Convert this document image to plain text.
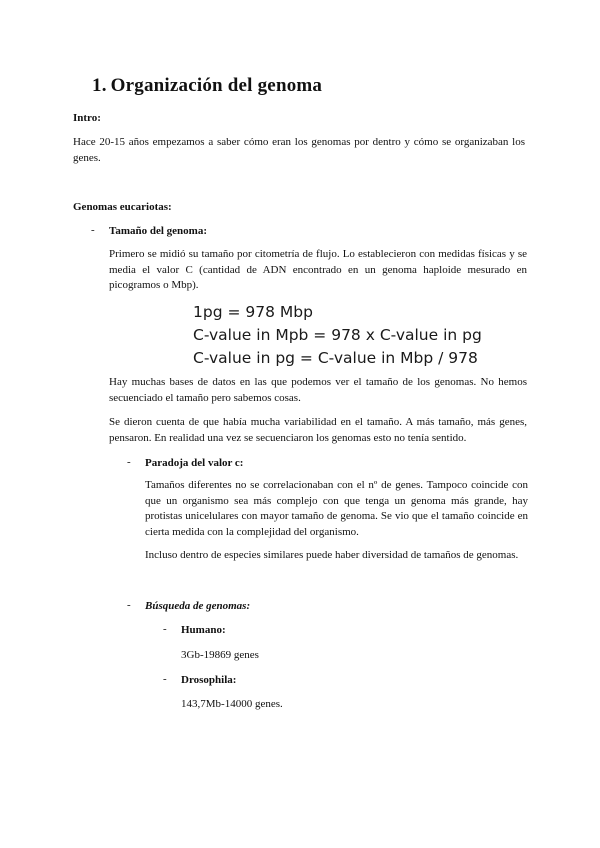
1. Organización del genoma
Intro:
Hace 20-15 años empezamos a saber cómo eran los genomas por dentro y cómo se organizaban los genes.
Genomas eucariotas:
- Tamaño del genoma:
Primero se midió su tamaño por citometría de flujo. Lo establecieron con medidas físicas y se media el valor C (cantidad de ADN encontrado en un genoma haploide mesurado en picogramos o Mbp).
1pg = 978 Mbp
C-value in Mpb = 978 x C-value in pg
C-value in pg = C-value in Mbp / 978
Hay muchas bases de datos en las que podemos ver el tamaño de los genomas. No hemos secuenciado el tamaño pero sabemos cosas.
Se dieron cuenta de que había mucha variabilidad en el tamaño. A más tamaño, más genes, pensaron. En realidad una vez se secuenciaron los genomas esto no tenía sentido.
- Paradoja del valor c:
Tamaños diferentes no se correlacionaban con el nº de genes. Tampoco coincide con que un organismo sea más complejo con que tenga un genoma más grande, hay protistas unicelulares con mayor tamaño de genoma. Se vio que el tamaño coincide en cierta medida con la complejidad del organismo.
Incluso dentro de especies similares puede haber diversidad de tamaños de genomas.
- Búsqueda de genomas:
- Humano:
3Gb-19869 genes
- Drosophila:
143,7Mb-14000 genes.
